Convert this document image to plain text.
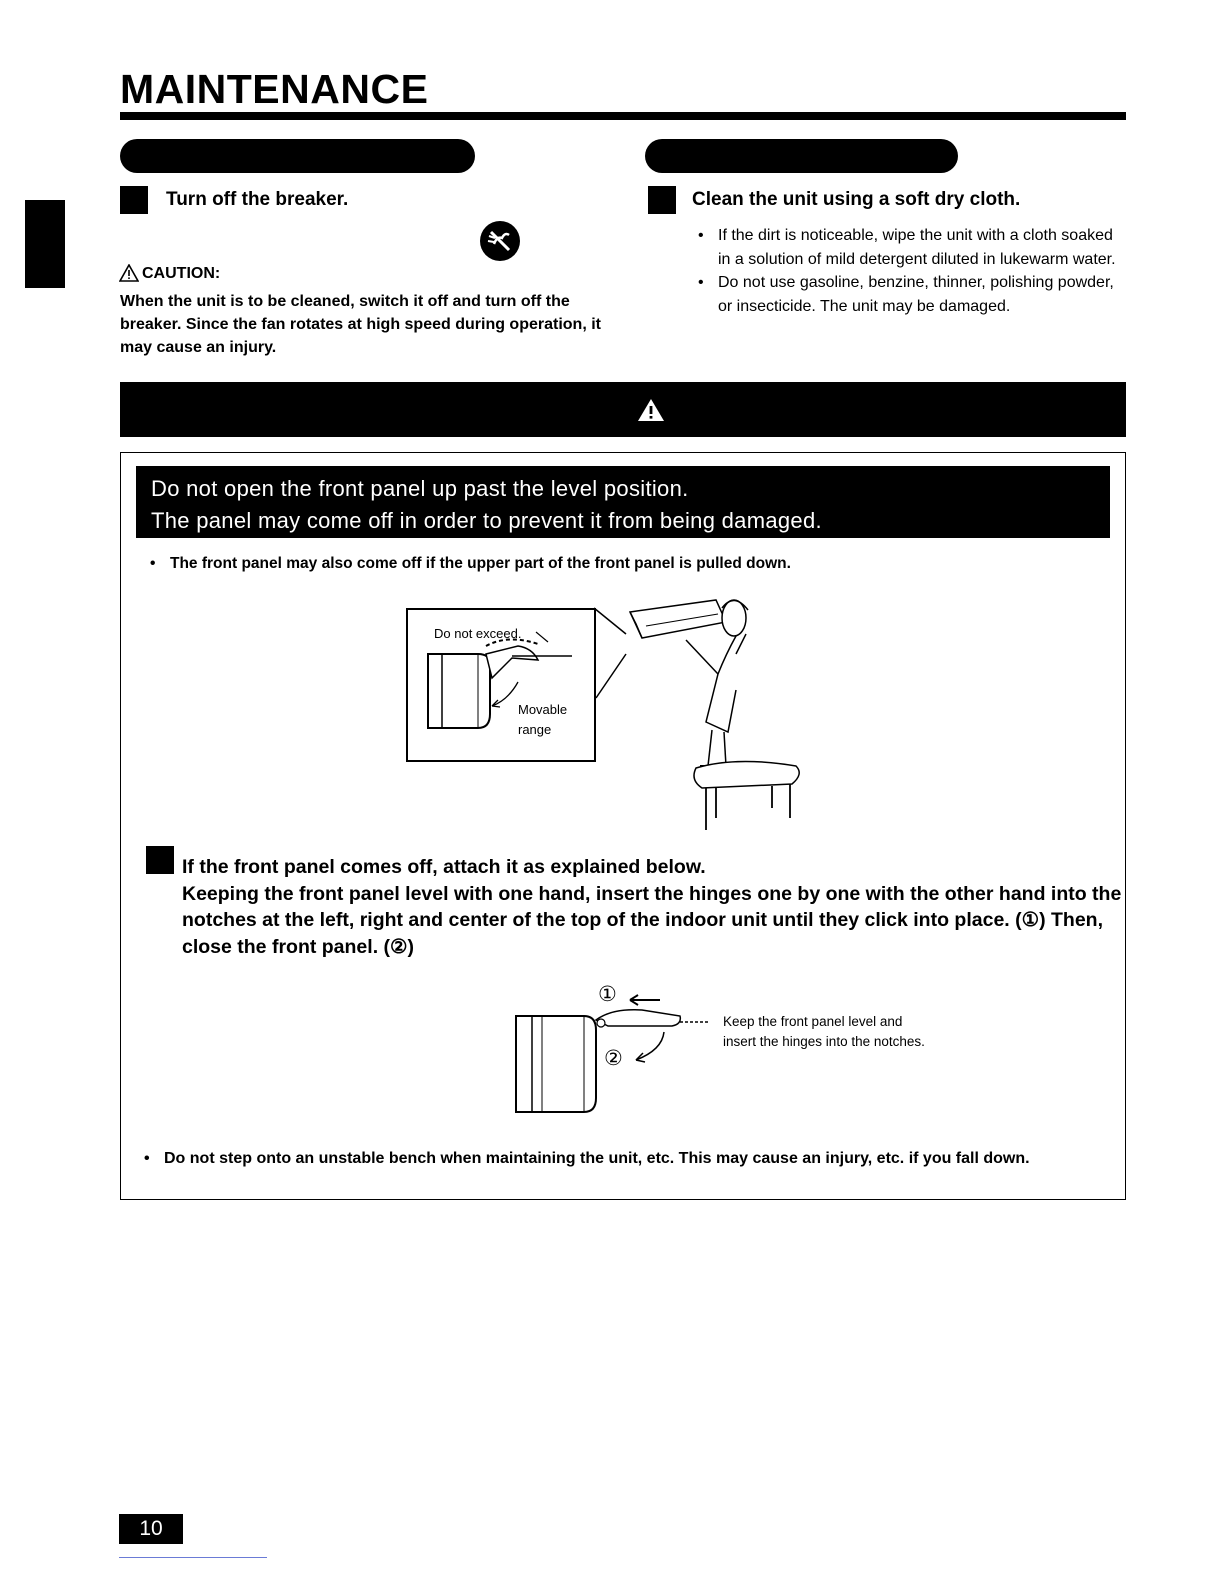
MAINTENANCE
Turn off the breaker.
CAUTION:
When the unit is to be cleaned, switch it off and turn off the breaker. Since the fan rotates at high speed during operation, it may cause an injury.
Clean the unit using a soft dry cloth.
• If the dirt is noticeable, wipe the unit with a cloth soaked in a solution of mild detergent diluted in lukewarm water.
• Do not use gasoline, benzine, thinner, polishing powder, or insecticide. The unit may be damaged.
Do not open the front panel up past the level position.
The panel may come off in order to prevent it from being damaged.
• The front panel may also come off if the upper part of the front panel is pulled down.
Do not exceed.
Movable
range
If the front panel comes off, attach it as explained below.
Keeping the front panel level with one hand, insert the hinges one by one with the other hand into the notches at the left, right and center of the top of the indoor unit until they click into place. (①) Then, close the front panel. (②)
①
②
Keep the front panel level and
insert the hinges into the notches.
• Do not step onto an unstable bench when maintaining the unit, etc. This may cause an injury, etc. if you fall down.
10
